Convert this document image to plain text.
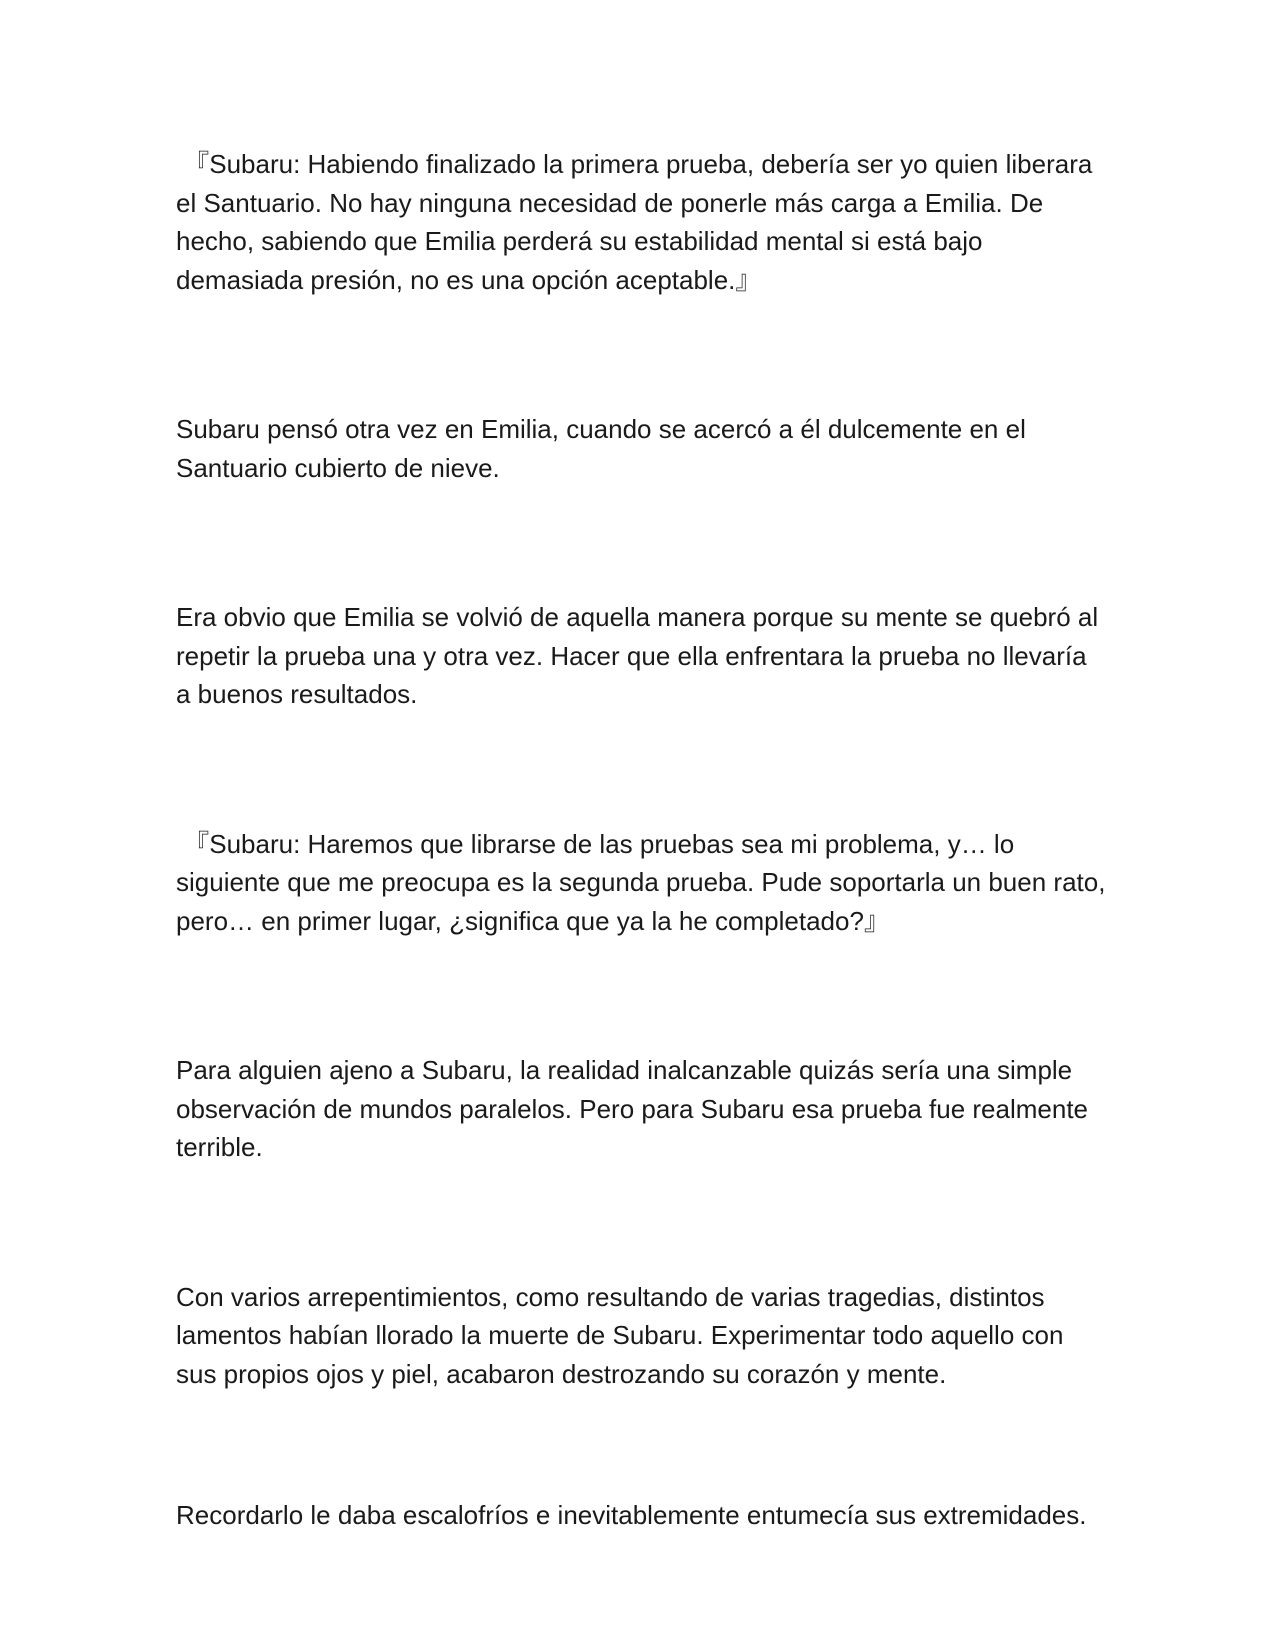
『Subaru: Habiendo finalizado la primera prueba, debería ser yo quien liberara el Santuario. No hay ninguna necesidad de ponerle más carga a Emilia. De hecho, sabiendo que Emilia perderá su estabilidad mental si está bajo demasiada presión, no es una opción aceptable.』

Subaru pensó otra vez en Emilia, cuando se acercó a él dulcemente en el Santuario cubierto de nieve.

Era obvio que Emilia se volvió de aquella manera porque su mente se quebró al repetir la prueba una y otra vez. Hacer que ella enfrentara la prueba no llevaría a buenos resultados.

『Subaru: Haremos que librarse de las pruebas sea mi problema, y… lo siguiente que me preocupa es la segunda prueba. Pude soportarla un buen rato, pero… en primer lugar, ¿significa que ya la he completado?』

Para alguien ajeno a Subaru, la realidad inalcanzable quizás sería una simple observación de mundos paralelos. Pero para Subaru esa prueba fue realmente terrible.

Con varios arrepentimientos, como resultando de varias tragedias, distintos lamentos habían llorado la muerte de Subaru. Experimentar todo aquello con sus propios ojos y piel, acabaron destrozando su corazón y mente.

Recordarlo le daba escalofríos e inevitablemente entumecía sus extremidades.
